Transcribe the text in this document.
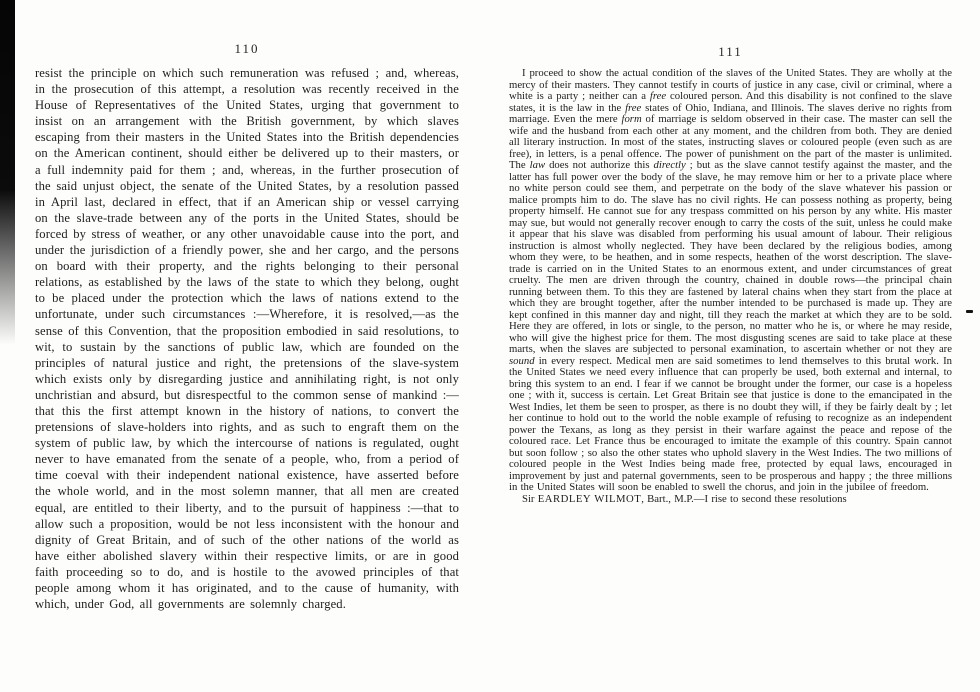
110

resist the principle on which such remuneration was refused ; and, whereas, in the prosecution of this attempt, a resolution was recently received in the House of Representatives of the United States, urging that government to insist on an arrangement with the British government, by which slaves escaping from their masters in the United States into the British dependencies on the American continent, should either be delivered up to their masters, or a full indemnity paid for them ; and, whereas, in the further prosecution of the said unjust object, the senate of the United States, by a resolution passed in April last, declared in effect, that if an American ship or vessel carrying on the slave-trade between any of the ports in the United States, should be forced by stress of weather, or any other unavoidable cause into the port, and under the jurisdiction of a friendly power, she and her cargo, and the persons on board with their property, and the rights belonging to their personal relations, as established by the laws of the state to which they belong, ought to be placed under the protection which the laws of nations extend to the unfortunate, under such circumstances :—Wherefore, it is resolved,—as the sense of this Convention, that the proposition embodied in said resolutions, to wit, to sustain by the sanctions of public law, which are founded on the principles of natural justice and right, the pretensions of the slave-system which exists only by disregarding justice and annihilating right, is not only unchristian and absurd, but disrespectful to the common sense of mankind :—that this the first attempt known in the history of nations, to convert the pretensions of slave-holders into rights, and as such to engraft them on the system of public law, by which the intercourse of nations is regulated, ought never to have emanated from the senate of a people, who, from a period of time coeval with their independent national existence, have asserted before the whole world, and in the most solemn manner, that all men are created equal, are entitled to their liberty, and to the pursuit of happiness :—that to allow such a proposition, would be not less inconsistent with the honour and dignity of Great Britain, and of such of the other nations of the world as have either abolished slavery within their respective limits, or are in good faith proceeding so to do, and is hostile to the avowed principles of that people among whom it has originated, and to the cause of humanity, with which, under God, all governments are solemnly charged.

111

I proceed to show the actual condition of the slaves of the United States. They are wholly at the mercy of their masters. They cannot testify in courts of justice in any case, civil or criminal, where a white is a party ; neither can a free coloured person. And this disability is not confined to the slave states, it is the law in the free states of Ohio, Indiana, and Illinois. The slaves derive no rights from marriage. Even the mere form of marriage is seldom observed in their case. The master can sell the wife and the husband from each other at any moment, and the children from both. They are denied all literary instruction. In most of the states, instructing slaves or coloured people (even such as are free), in letters, is a penal offence. The power of punishment on the part of the master is unlimited. The law does not authorize this directly ; but as the slave cannot testify against the master, and the latter has full power over the body of the slave, he may remove him or her to a private place where no white person could see them, and perpetrate on the body of the slave whatever his passion or malice prompts him to do. The slave has no civil rights. He can possess nothing as property, being property himself. He cannot sue for any trespass committed on his person by any white. His master may sue, but would not generally recover enough to carry the costs of the suit, unless he could make it appear that his slave was disabled from performing his usual amount of labour. Their religious instruction is almost wholly neglected. They have been declared by the religious bodies, among whom they were, to be heathen, and in some respects, heathen of the worst description. The slave-trade is carried on in the United States to an enormous extent, and under circumstances of great cruelty. The men are driven through the country, chained in double rows—the principal chain running between them. To this they are fastened by lateral chains when they start from the place at which they are brought together, after the number intended to be purchased is made up. They are kept confined in this manner day and night, till they reach the market at which they are to be sold. Here they are offered, in lots or single, to the person, no matter who he is, or where he may reside, who will give the highest price for them. The most disgusting scenes are said to take place at these marts, when the slaves are subjected to personal examination, to ascertain whether or not they are sound in every respect. Medical men are said sometimes to lend themselves to this brutal work. In the United States we need every influence that can properly be used, both external and internal, to bring this system to an end. I fear if we cannot be brought under the former, our case is a hopeless one ; with it, success is certain. Let Great Britain see that justice is done to the emancipated in the West Indies, let them be seen to prosper, as there is no doubt they will, if they be fairly dealt by ; let her continue to hold out to the world the noble example of refusing to recognize as an independent power the Texans, as long as they persist in their warfare against the peace and repose of the coloured race. Let France thus be encouraged to imitate the example of this country. Spain cannot but soon follow ; so also the other states who uphold slavery in the West Indies. The two millions of coloured people in the West Indies being made free, protected by equal laws, encouraged in improvement by just and paternal governments, seen to be prosperous and happy ; the three millions in the United States will soon be enabled to swell the chorus, and join in the jubilee of freedom.

Sir EARDLEY WILMOT, Bart., M.P.—I rise to second these resolutions
